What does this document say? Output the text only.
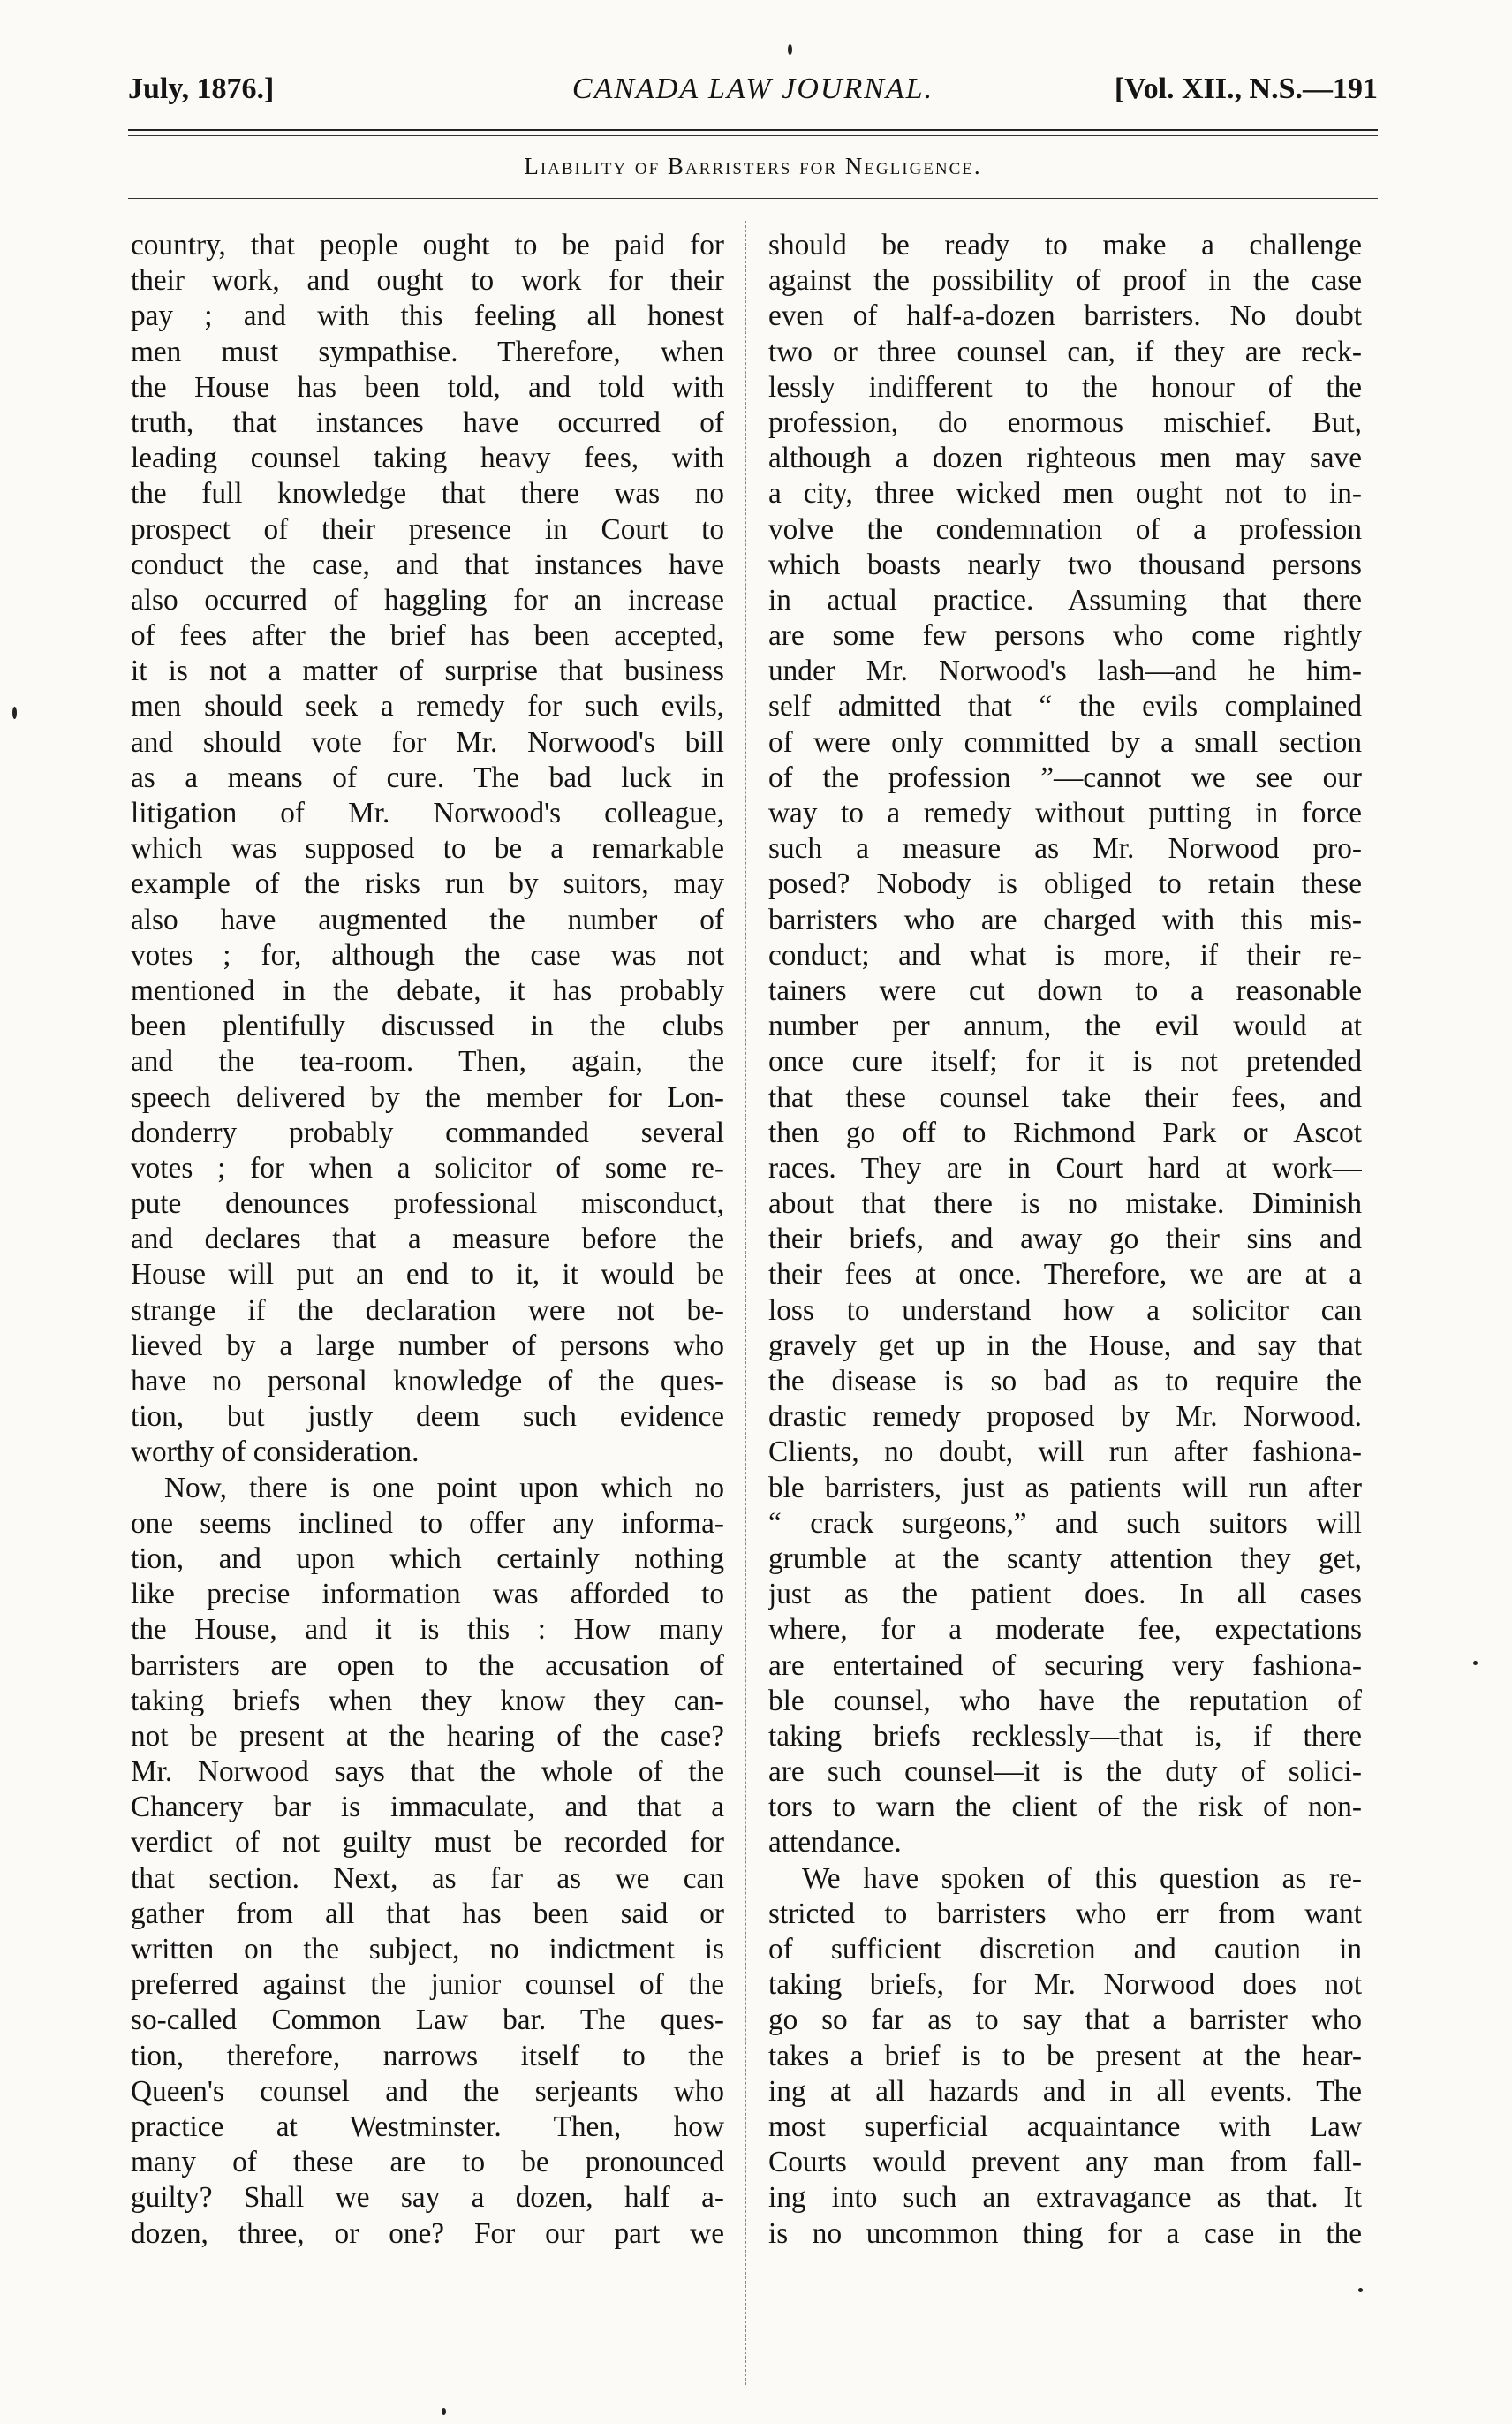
July, 1876.]	CANADA LAW JOURNAL.	[Vol. XII., N.S.—191
Liability of Barristers for Negligence.
country, that people ought to be paid for
their work, and ought to work for their
pay ; and with this feeling all honest
men must sympathise. Therefore, when
the House has been told, and told with
truth, that instances have occurred of
leading counsel taking heavy fees, with
the full knowledge that there was no
prospect of their presence in Court to
conduct the case, and that instances have
also occurred of haggling for an increase
of fees after the brief has been accepted,
it is not a matter of surprise that business
men should seek a remedy for such evils,
and should vote for Mr. Norwood's bill
as a means of cure. The bad luck in
litigation of Mr. Norwood's colleague,
which was supposed to be a remarkable
example of the risks run by suitors, may
also have augmented the number of
votes ; for, although the case was not
mentioned in the debate, it has probably
been plentifully discussed in the clubs
and the tea-room. Then, again, the
speech delivered by the member for Lon-
donderry probably commanded several
votes ; for when a solicitor of some re-
pute denounces professional misconduct,
and declares that a measure before the
House will put an end to it, it would be
strange if the declaration were not be-
lieved by a large number of persons who
have no personal knowledge of the ques-
tion, but justly deem such evidence
worthy of consideration.
Now, there is one point upon which no
one seems inclined to offer any informa-
tion, and upon which certainly nothing
like precise information was afforded to
the House, and it is this : How many
barristers are open to the accusation of
taking briefs when they know they can-
not be present at the hearing of the case?
Mr. Norwood says that the whole of the
Chancery bar is immaculate, and that a
verdict of not guilty must be recorded for
that section. Next, as far as we can
gather from all that has been said or
written on the subject, no indictment is
preferred against the junior counsel of the
so-called Common Law bar. The ques-
tion, therefore, narrows itself to the
Queen's counsel and the serjeants who
practice at Westminster. Then, how
many of these are to be pronounced
guilty? Shall we say a dozen, half a-
dozen, three, or one? For our part we
should be ready to make a challenge
against the possibility of proof in the case
even of half-a-dozen barristers. No doubt
two or three counsel can, if they are reck-
lessly indifferent to the honour of the
profession, do enormous mischief. But,
although a dozen righteous men may save
a city, three wicked men ought not to in-
volve the condemnation of a profession
which boasts nearly two thousand persons
in actual practice. Assuming that there
are some few persons who come rightly
under Mr. Norwood's lash—and he him-
self admitted that “ the evils complained
of were only committed by a small section
of the profession ”—cannot we see our
way to a remedy without putting in force
such a measure as Mr. Norwood pro-
posed? Nobody is obliged to retain these
barristers who are charged with this mis-
conduct; and what is more, if their re-
tainers were cut down to a reasonable
number per annum, the evil would at
once cure itself; for it is not pretended
that these counsel take their fees, and
then go off to Richmond Park or Ascot
races. They are in Court hard at work—
about that there is no mistake. Diminish
their briefs, and away go their sins and
their fees at once. Therefore, we are at a
loss to understand how a solicitor can
gravely get up in the House, and say that
the disease is so bad as to require the
drastic remedy proposed by Mr. Norwood.
Clients, no doubt, will run after fashiona-
ble barristers, just as patients will run after
“ crack surgeons,” and such suitors will
grumble at the scanty attention they get,
just as the patient does. In all cases
where, for a moderate fee, expectations
are entertained of securing very fashiona-
ble counsel, who have the reputation of
taking briefs recklessly—that is, if there
are such counsel—it is the duty of solici-
tors to warn the client of the risk of non-
attendance.
We have spoken of this question as re-
stricted to barristers who err from want
of sufficient discretion and caution in
taking briefs, for Mr. Norwood does not
go so far as to say that a barrister who
takes a brief is to be present at the hear-
ing at all hazards and in all events. The
most superficial acquaintance with Law
Courts would prevent any man from fall-
ing into such an extravagance as that. It
is no uncommon thing for a case in the
